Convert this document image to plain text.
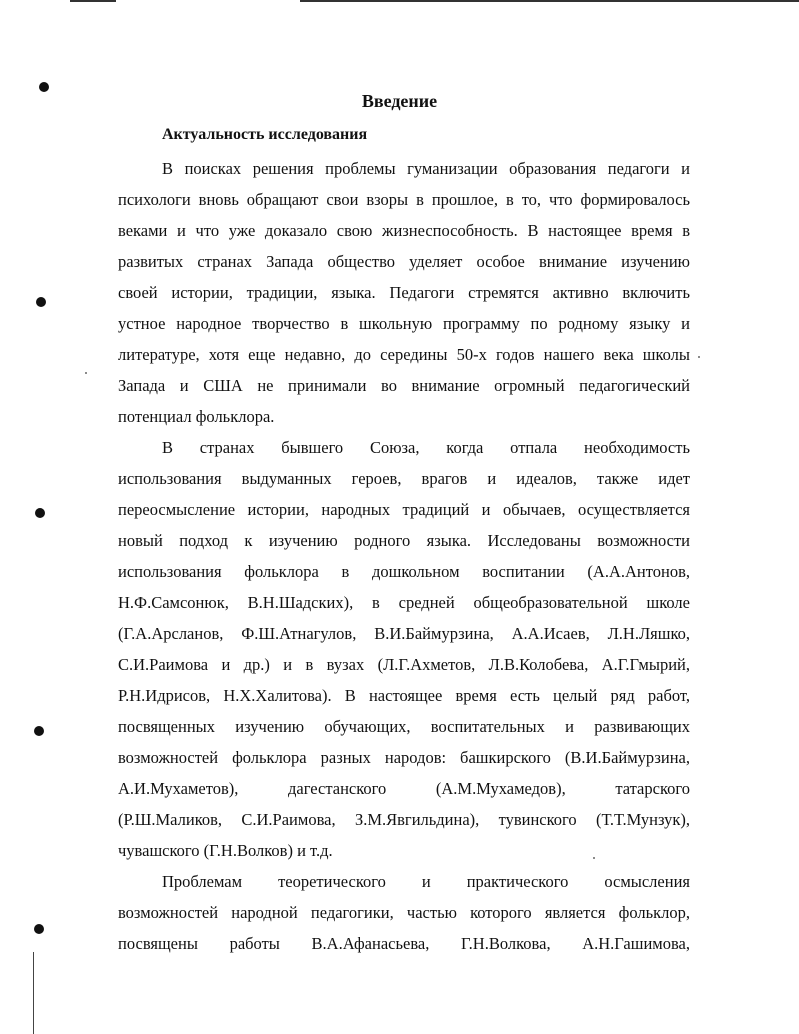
Введение
Актуальность исследования
В поисках решения проблемы гуманизации образования педагоги и
психологи вновь обращают свои взоры в прошлое, в то, что формировалось
веками и что уже доказало свою жизнеспособность. В настоящее время в
развитых странах Запада общество уделяет особое внимание изучению
своей истории, традиции, языка. Педагоги стремятся активно включить
устное народное творчество в школьную программу по родному языку и
литературе, хотя еще недавно, до середины 50-х годов нашего века школы
Запада и США не принимали во внимание огромный педагогический
потенциал фольклора.
В странах бывшего Союза, когда отпала необходимость
использования выдуманных героев, врагов и идеалов, также идет
переосмысление истории, народных традиций и обычаев, осуществляется
новый подход к изучению родного языка. Исследованы возможности
использования фольклора в дошкольном воспитании (А.А.Антонов,
Н.Ф.Самсонюк, В.Н.Шадских), в средней общеобразовательной школе
(Г.А.Арсланов, Ф.Ш.Атнагулов, В.И.Баймурзина, А.А.Исаев, Л.Н.Ляшко,
С.И.Раимова и др.) и в вузах (Л.Г.Ахметов, Л.В.Колобева, А.Г.Гмырий,
Р.Н.Идрисов, Н.Х.Халитова). В настоящее время есть целый ряд работ,
посвященных изучению обучающих, воспитательных и развивающих
возможностей фольклора разных народов: башкирского (В.И.Баймурзина,
А.И.Мухаметов), дагестанского (А.М.Мухамедов), татарского
(Р.Ш.Маликов, С.И.Раимова, З.М.Явгильдина), тувинского (Т.Т.Мунзук),
чувашского (Г.Н.Волков) и т.д.
Проблемам теоретического и практического осмысления
возможностей народной педагогики, частью которого является фольклор,
посвящены работы В.А.Афанасьева, Г.Н.Волкова, А.Н.Гашимова,
